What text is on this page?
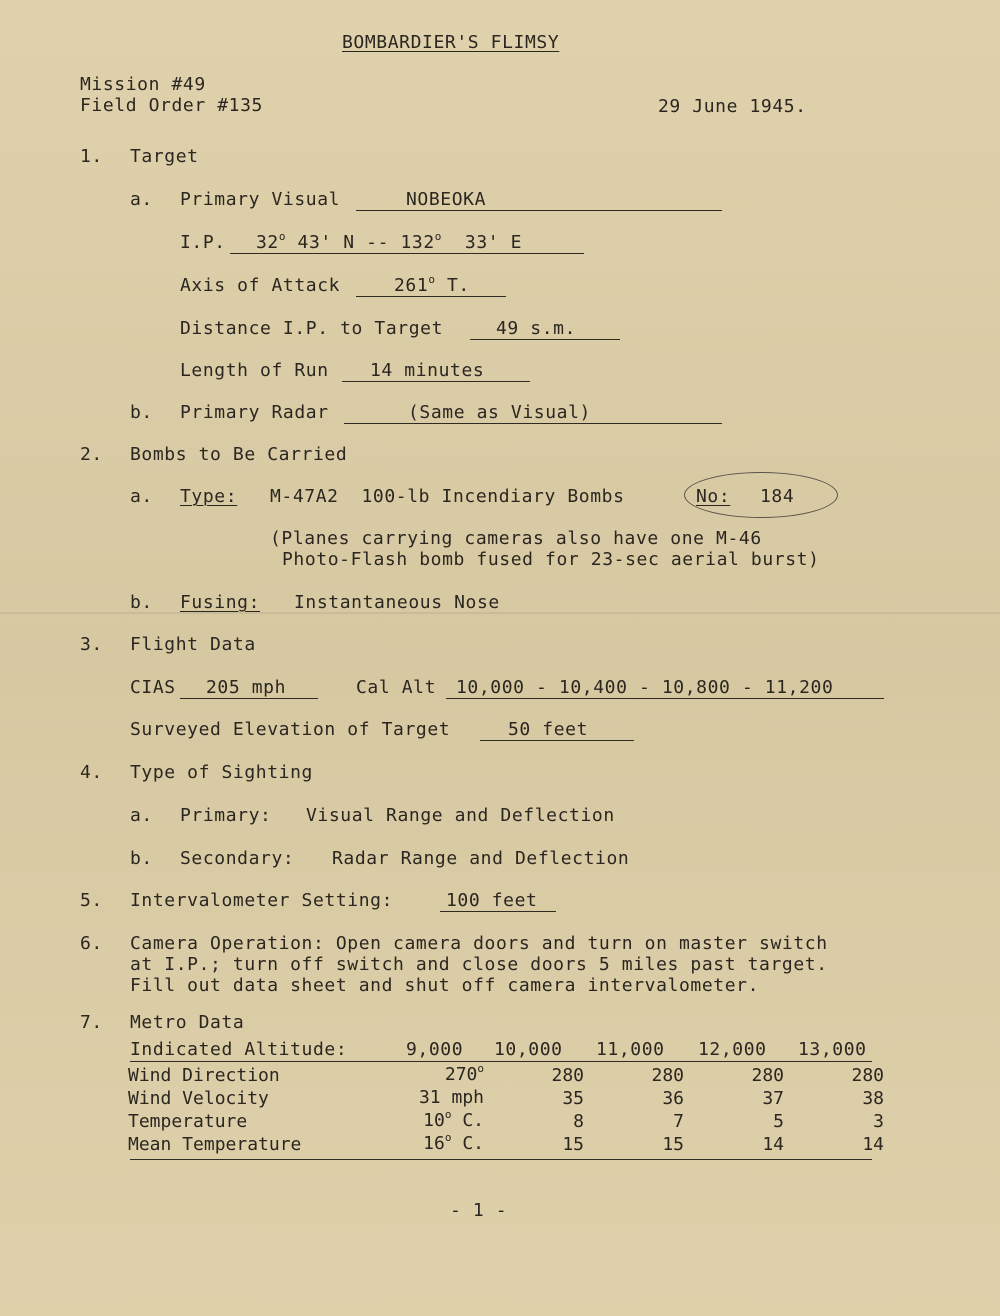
BOMBARDIER'S FLIMSY
Mission #49
Field Order #135	29 June 1945.
1. Target
a. Primary Visual	NOBEOKA
I.P. 32$^o$ 43' N -- 132$^o$ 33' E
Axis of Attack	261$^o$ T.
Distance I.P. to Target	49 s.m.
Length of Run 14 minutes
b. Primary Radar	(Same as Visual)
2. Bombs to Be Carried
a. Type: M-47A2  100-lb Incendiary Bombs	No: 184
(Planes carrying cameras also have one M-46
Photo-Flash bomb fused for 23-sec aerial burst)
b. Fusing: Instantaneous Nose
3. Flight Data
CIAS 205 mph	Cal Alt 10,000 - 10,400 - 10,800 - 11,200
Surveyed Elevation of Target	50 feet
4. Type of Sighting
a. Primary: Visual Range and Deflection
b. Secondary: Radar Range and Deflection
5. Intervalometer Setting:	100 feet
6. Camera Operation: Open camera doors and turn on master switch
at I.P.; turn off switch and close doors 5 miles past target.
Fill out data sheet and shut off camera intervalometer.
7. Metro Data
Indicated Altitude:	9,000 10,000 11,000 12,000 13,000
Wind Direction	270$^o$	280	280	280	280
Wind Velocity	31 mph	35	36	37	38
Temperature	10$^o$ C.	8	7	5	3
Mean Temperature	16$^o$ C.	15	15	14	14
- 1 -
